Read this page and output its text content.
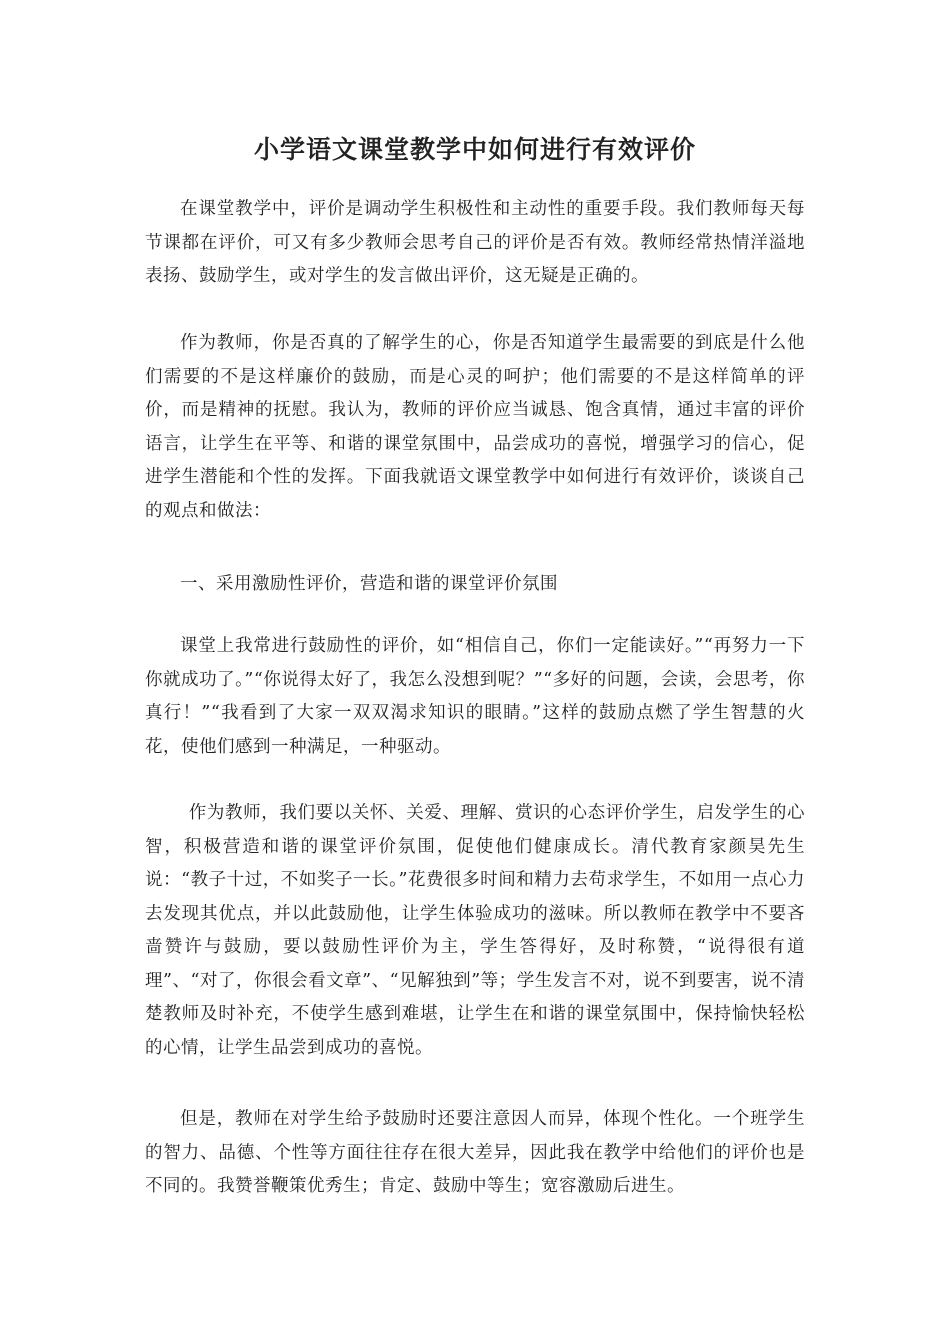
小学语文课堂教学中如何进行有效评价

在课堂教学中，评价是调动学生积极性和主动性的重要手段。我们教师每天每节课都在评价，可又有多少教师会思考自己的评价是否有效。教师经常热情洋溢地表扬、鼓励学生，或对学生的发言做出评价，这无疑是正确的。

作为教师，你是否真的了解学生的心，你是否知道学生最需要的到底是什么他们需要的不是这样廉价的鼓励，而是心灵的呵护；他们需要的不是这样简单的评价，而是精神的抚慰。我认为，教师的评价应当诚恳、饱含真情，通过丰富的评价语言，让学生在平等、和谐的课堂氛围中，品尝成功的喜悦，增强学习的信心，促进学生潜能和个性的发挥。下面我就语文课堂教学中如何进行有效评价，谈谈自己的观点和做法：

一、采用激励性评价，营造和谐的课堂评价氛围

课堂上我常进行鼓励性的评价，如“相信自己，你们一定能读好。”“再努力一下你就成功了。”“你说得太好了，我怎么没想到呢？”“多好的问题，会读，会思考，你真行！”“我看到了大家一双双渴求知识的眼睛。”这样的鼓励点燃了学生智慧的火花，使他们感到一种满足，一种驱动。

作为教师，我们要以关怀、关爱、理解、赏识的心态评价学生，启发学生的心智，积极营造和谐的课堂评价氛围，促使他们健康成长。清代教育家颜昊先生说：“教子十过，不如奖子一长。”花费很多时间和精力去苟求学生，不如用一点心力去发现其优点，并以此鼓励他，让学生体验成功的滋味。所以教师在教学中不要吝啬赞许与鼓励，要以鼓励性评价为主，学生答得好，及时称赞，“说得很有道理”、“对了，你很会看文章”、“见解独到”等；学生发言不对，说不到要害，说不清楚教师及时补充，不使学生感到难堪，让学生在和谐的课堂氛围中，保持愉快轻松的心情，让学生品尝到成功的喜悦。

但是，教师在对学生给予鼓励时还要注意因人而异，体现个性化。一个班学生的智力、品德、个性等方面往往存在很大差异，因此我在教学中给他们的评价也是不同的。我赞誉鞭策优秀生；肯定、鼓励中等生；宽容激励后进生。
